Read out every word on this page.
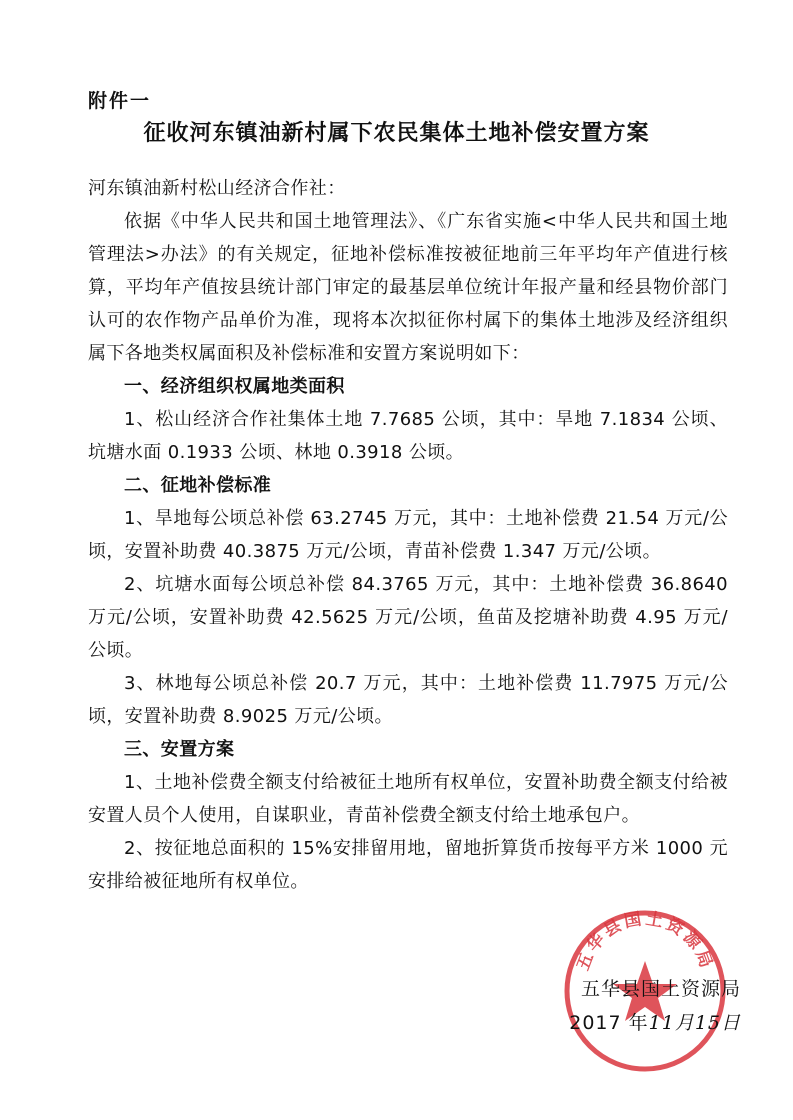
附件一
征收河东镇油新村属下农民集体土地补偿安置方案

河东镇油新村松山经济合作社：

依据《中华人民共和国土地管理法》、《广东省实施<中华人民共和国土地管理法>办法》的有关规定，征地补偿标准按被征地前三年平均年产值进行核算，平均年产值按县统计部门审定的最基层单位统计年报产量和经县物价部门认可的农作物产品单价为准，现将本次拟征你村属下的集体土地涉及经济组织属下各地类权属面积及补偿标准和安置方案说明如下：

一、经济组织权属地类面积

1、松山经济合作社集体土地 7.7685 公顷，其中：旱地 7.1834 公顷、坑塘水面 0.1933 公顷、林地 0.3918 公顷。

二、征地补偿标准

1、旱地每公顷总补偿 63.2745 万元，其中：土地补偿费 21.54 万元/公顷，安置补助费 40.3875 万元/公顷，青苗补偿费 1.347 万元/公顷。

2、坑塘水面每公顷总补偿 84.3765 万元，其中：土地补偿费 36.8640 万元/公顷，安置补助费 42.5625 万元/公顷，鱼苗及挖塘补助费 4.95 万元/公顷。

3、林地每公顷总补偿 20.7 万元，其中：土地补偿费 11.7975 万元/公顷，安置补助费 8.9025 万元/公顷。

三、安置方案

1、土地补偿费全额支付给被征土地所有权单位，安置补助费全额支付给被安置人员个人使用，自谋职业，青苗补偿费全额支付给土地承包户。

2、按征地总面积的 15%安排留用地，留地折算货币按每平方米 1000 元安排给被征地所有权单位。

五华县国土资源局
五华县国土资源局
2017 年11月15日
